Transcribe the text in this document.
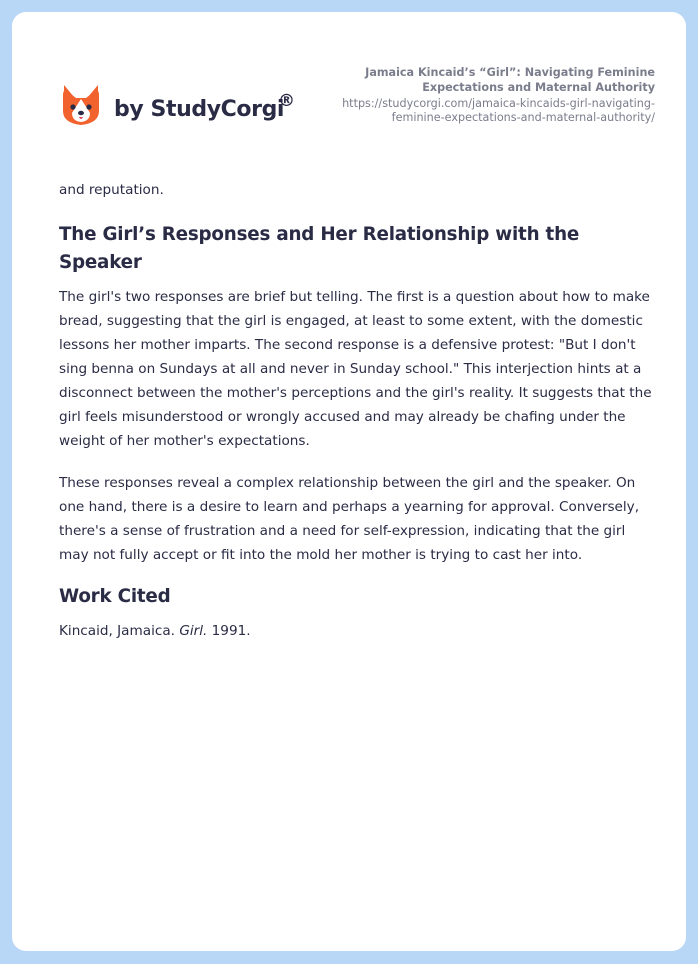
by StudyCorgi
®
Jamaica Kincaid’s “Girl”: Navigating Feminine Expectations and Maternal Authority
https://studycorgi.com/jamaica-kincaids-girl-navigating-feminine-expectations-and-maternal-authority/

and reputation.

The Girl’s Responses and Her Relationship with the Speaker

The girl's two responses are brief but telling. The first is a question about how to make bread, suggesting that the girl is engaged, at least to some extent, with the domestic lessons her mother imparts. The second response is a defensive protest: "But I don't sing benna on Sundays at all and never in Sunday school." This interjection hints at a disconnect between the mother's perceptions and the girl's reality. It suggests that the girl feels misunderstood or wrongly accused and may already be chafing under the weight of her mother's expectations.

These responses reveal a complex relationship between the girl and the speaker. On one hand, there is a desire to learn and perhaps a yearning for approval. Conversely, there's a sense of frustration and a need for self-expression, indicating that the girl may not fully accept or fit into the mold her mother is trying to cast her into.

Work Cited

Kincaid, Jamaica. Girl. 1991.
